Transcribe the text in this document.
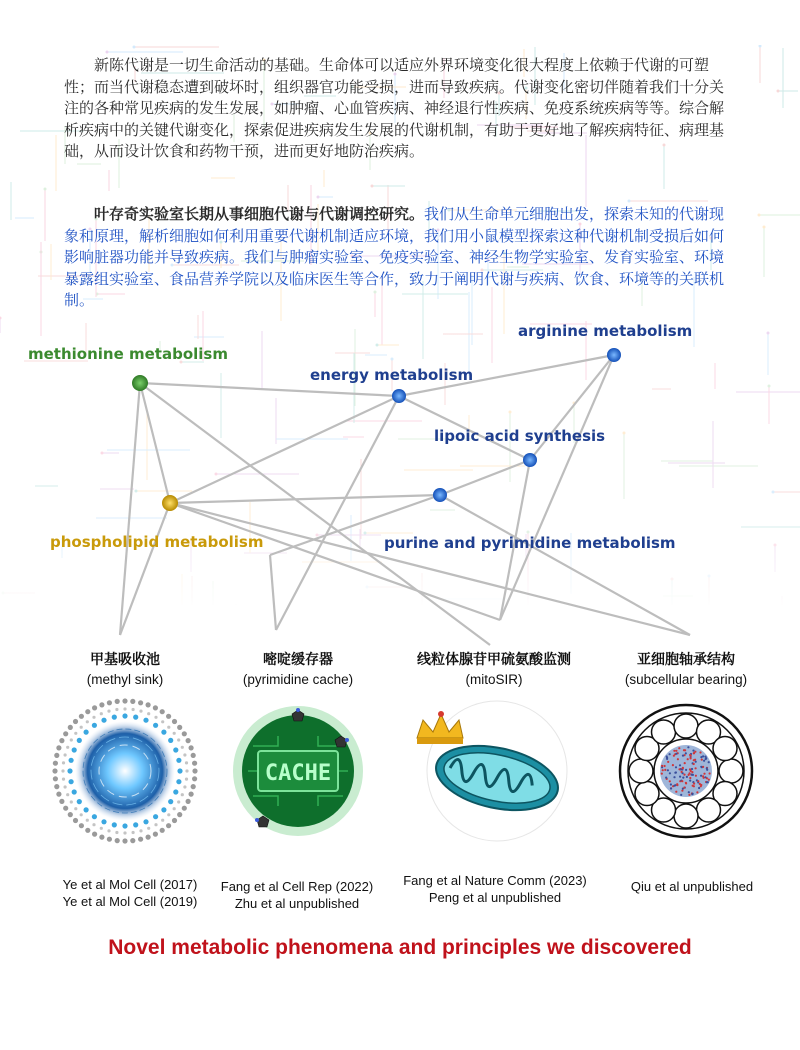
新陈代谢是一切生命活动的基础。生命体可以适应外界环境变化很大程度上依赖于代谢的可塑性；而当代谢稳态遭到破坏时，组织器官功能受损，进而导致疾病。代谢变化密切伴随着我们十分关注的各种常见疾病的发生发展，如肿瘤、心血管疾病、神经退行性疾病、免疫系统疾病等等。综合解析疾病中的关键代谢变化，探索促进疾病发生发展的代谢机制，有助于更好地了解疾病特征、病理基础，从而设计饮食和药物干预，进而更好地防治疾病。

叶存奇实验室长期从事细胞代谢与代谢调控研究。我们从生命单元细胞出发，探索未知的代谢现象和原理，解析细胞如何利用重要代谢机制适应环境，我们用小鼠模型探索这种代谢机制受损后如何影响脏器功能并导致疾病。我们与肿瘤实验室、免疫实验室、神经生物学实验室、发育实验室、环境暴露组实验室、食品营养学院以及临床医生等合作，致力于阐明代谢与疾病、饮食、环境等的关联机制。

methionine metabolism
energy metabolism
arginine metabolism
lipoic acid synthesis
phospholipid metabolism	purine and pyrimidine metabolism
甲基吸收池
(methyl sink)
嘧啶缓存器
(pyrimidine cache)
CACHE
线粒体腺苷甲硫氨酸监测
(mitoSIR)
亚细胞轴承结构
(subcellular bearing)
Ye et al Mol Cell (2017)
Ye et al Mol Cell (2019)
Fang et al Cell Rep (2022)
Zhu et al unpublished
Fang et al Nature Comm (2023)
Peng et al unpublished
Qiu et al unpublished
Novel metabolic phenomena and principles we discovered
